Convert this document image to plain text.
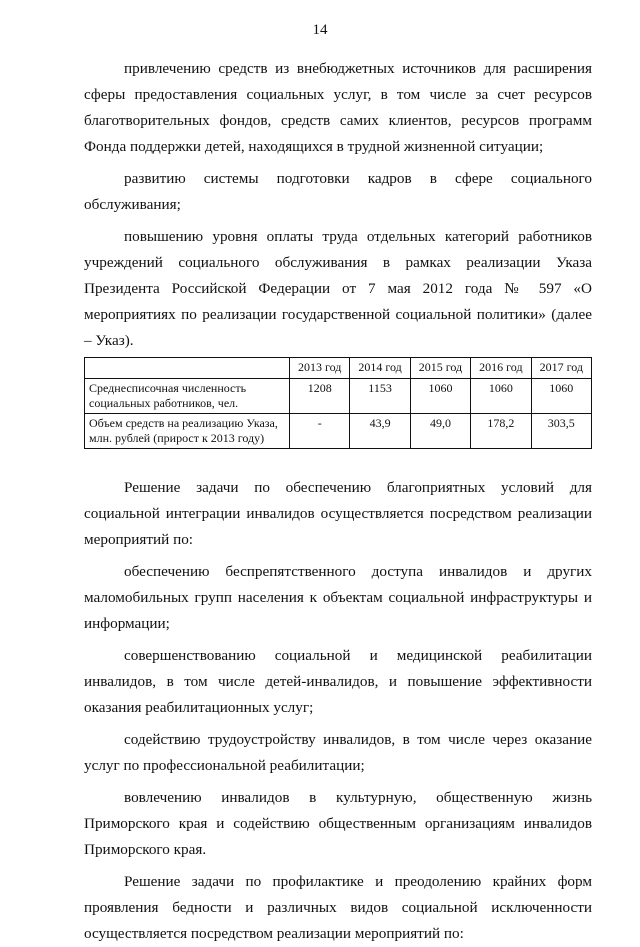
14

привлечению средств из внебюджетных источников для расширения сферы предоставления социальных услуг, в том числе за счет ресурсов благотворительных фондов, средств самих клиентов, ресурсов программ Фонда поддержки детей, находящихся в трудной жизненной ситуации;

развитию системы подготовки кадров в сфере социального обслуживания;

повышению уровня оплаты труда отдельных категорий работников учреждений социального обслуживания в рамках реализации Указа Президента Российской Федерации от 7 мая 2012 года № 597 «О мероприятиях по реализации государственной социальной политики» (далее – Указ).

	2013 год	2014 год	2015 год	2016 год	2017 год
Среднесписочная численность социальных работников, чел.	1208	1153	1060	1060	1060
Объем средств на реализацию Указа, млн. рублей (прирост к 2013 году)	-	43,9	49,0	178,2	303,5

Решение задачи по обеспечению благоприятных условий для социальной интеграции инвалидов осуществляется посредством реализации мероприятий по:

обеспечению беспрепятственного доступа инвалидов и других маломобильных групп населения к объектам социальной инфраструктуры и информации;

совершенствованию социальной и медицинской реабилитации инвалидов, в том числе детей-инвалидов, и повышение эффективности оказания реабилитационных услуг;

содействию трудоустройству инвалидов, в том числе через оказание услуг по профессиональной реабилитации;

вовлечению инвалидов в культурную, общественную жизнь Приморского края и содействию общественным организациям инвалидов Приморского края.

Решение задачи по профилактике и преодолению крайних форм проявления бедности и различных видов социальной исключенности осуществляется посредством реализации мероприятий по:
